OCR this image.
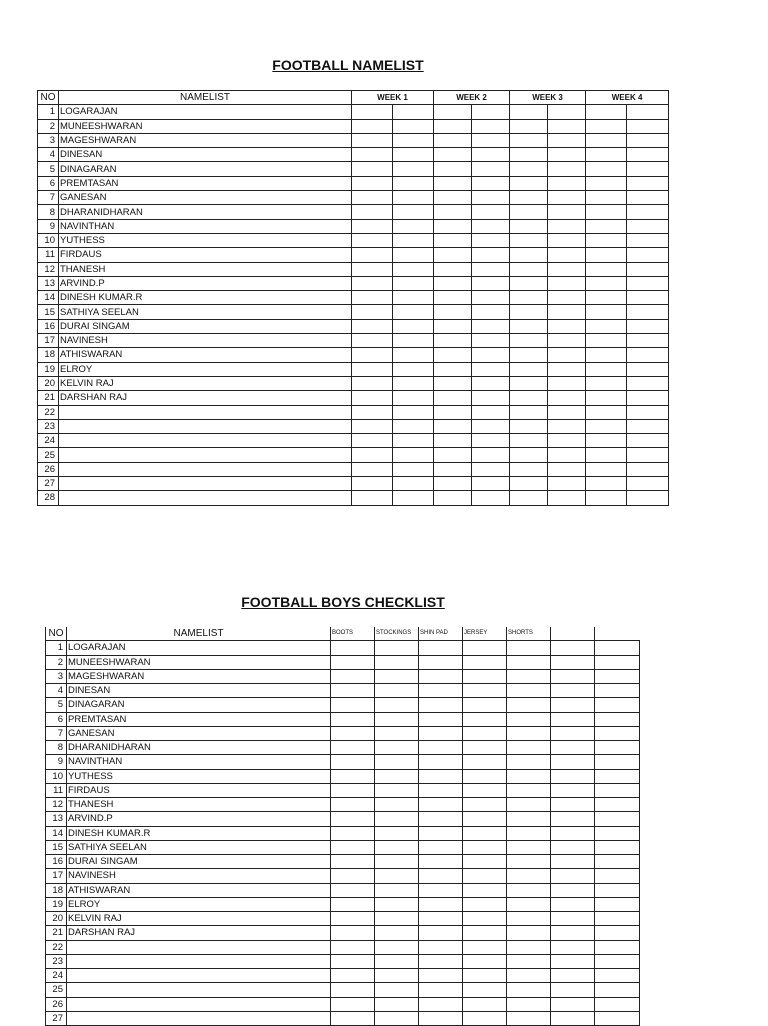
FOOTBALL NAMELIST
NO	NAMELIST	WEEK 1		WEEK 2		WEEK 3		WEEK 4	
1	LOGARAJAN								
2	MUNEESHWARAN								
3	MAGESHWARAN								
4	DINESAN								
5	DINAGARAN								
6	PREMTASAN								
7	GANESAN								
8	DHARANIDHARAN								
9	NAVINTHAN								
10	YUTHESS								
11	FIRDAUS								
12	THANESH								
13	ARVIND.P								
14	DINESH KUMAR.R								
15	SATHIYA SEELAN								
16	DURAI SINGAM								
17	NAVINESH								
18	ATHISWARAN								
19	ELROY								
20	KELVIN RAJ								
21	DARSHAN RAJ								
22									
23									
24									
25									
26									
27									
28									
FOOTBALL BOYS CHECKLIST
NO	NAMELIST	BOOTS	STOCKINGS	SHIN PAD	JERSEY	SHORTS		
1	LOGARAJAN							
2	MUNEESHWARAN							
3	MAGESHWARAN							
4	DINESAN							
5	DINAGARAN							
6	PREMTASAN							
7	GANESAN							
8	DHARANIDHARAN							
9	NAVINTHAN							
10	YUTHESS							
11	FIRDAUS							
12	THANESH							
13	ARVIND.P							
14	DINESH KUMAR.R							
15	SATHIYA SEELAN							
16	DURAI SINGAM							
17	NAVINESH							
18	ATHISWARAN							
19	ELROY							
20	KELVIN RAJ							
21	DARSHAN RAJ							
22								
23								
24								
25								
26								
27								
